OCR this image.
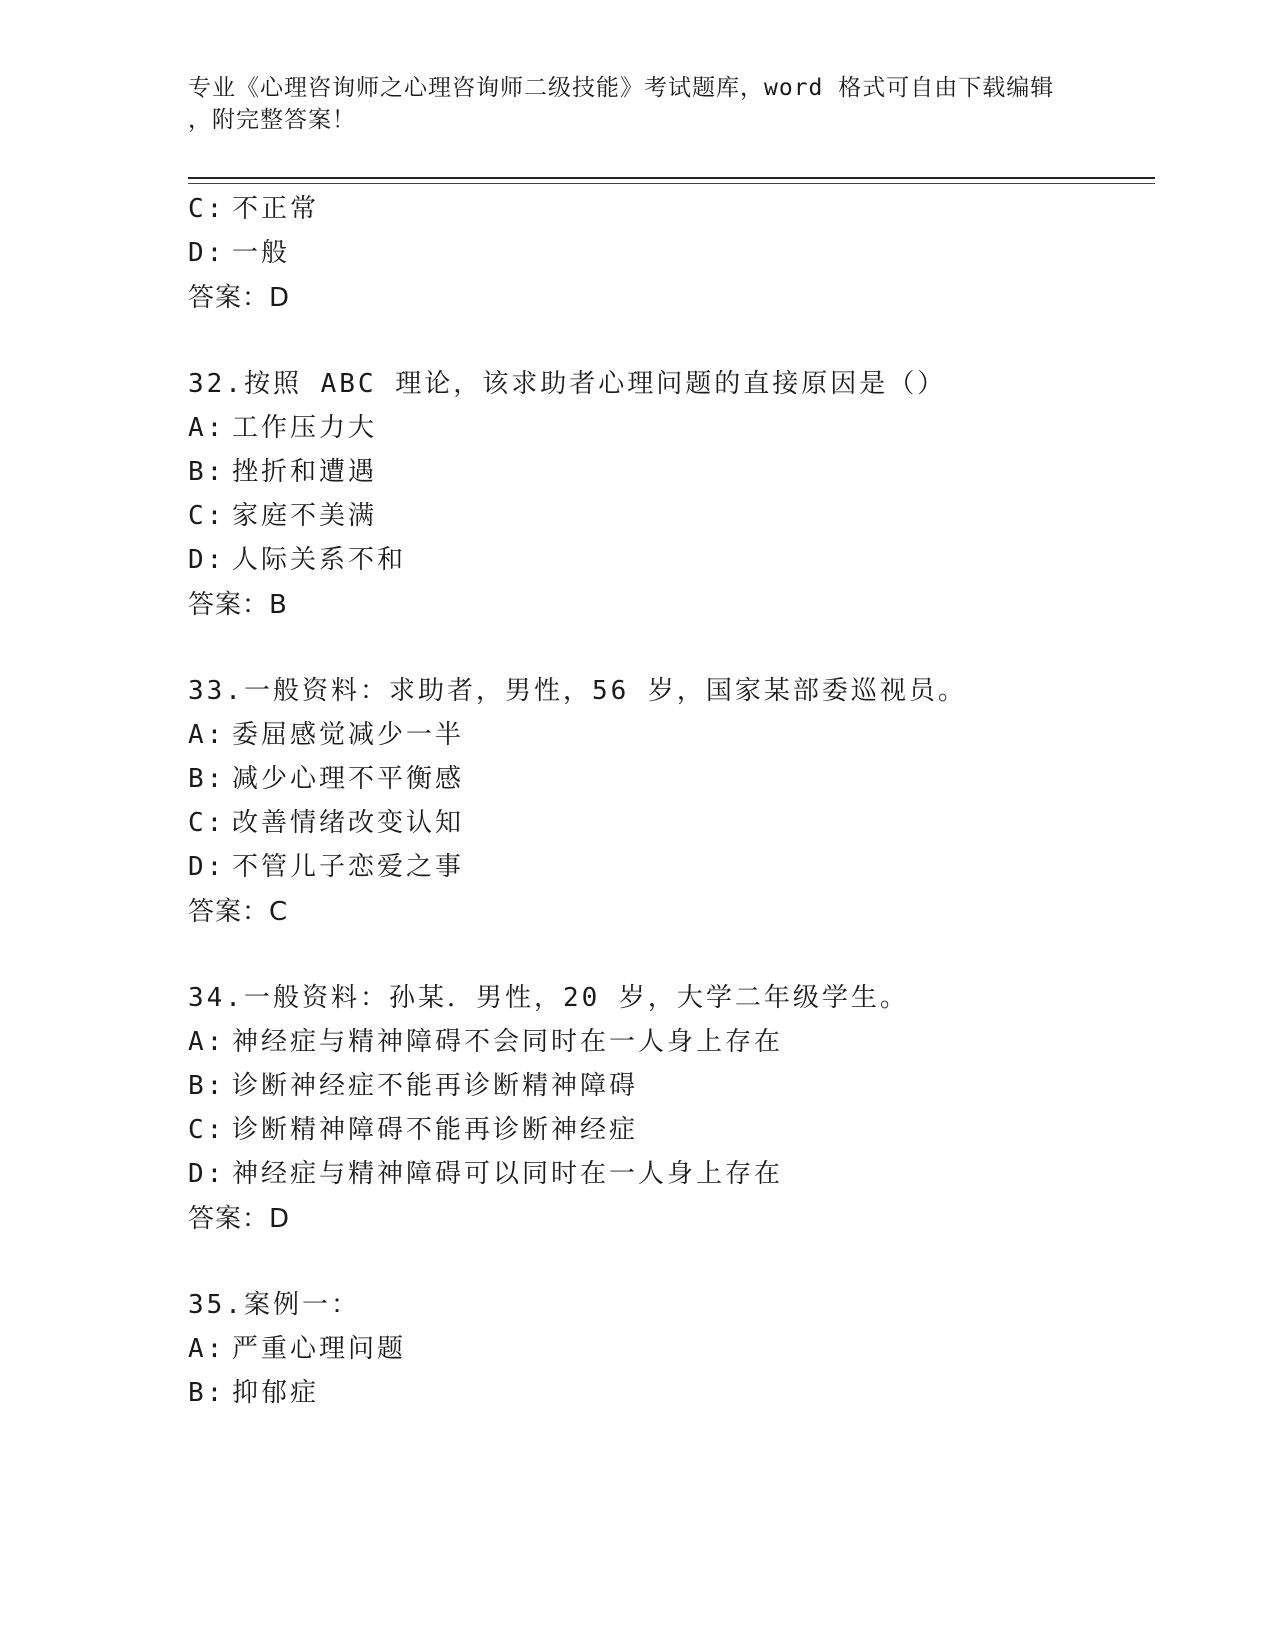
专业《心理咨询师之心理咨询师二级技能》考试题库，word 格式可自由下载编辑
，附完整答案！
C: 不正常
D: 一般
答案：D
32.按照 ABC 理论，该求助者心理问题的直接原因是（）
A: 工作压力大
B: 挫折和遭遇
C: 家庭不美满
D: 人际关系不和
答案：B
33.一般资料：求助者，男性，56 岁，国家某部委巡视员。
A: 委屈感觉减少一半
B: 减少心理不平衡感
C: 改善情绪改变认知
D: 不管儿子恋爱之事
答案：C
34.一般资料：孙某．男性，20 岁，大学二年级学生。
A: 神经症与精神障碍不会同时在一人身上存在
B: 诊断神经症不能再诊断精神障碍
C: 诊断精神障碍不能再诊断神经症
D: 神经症与精神障碍可以同时在一人身上存在
答案：D
35.案例一：
A: 严重心理问题
B: 抑郁症
